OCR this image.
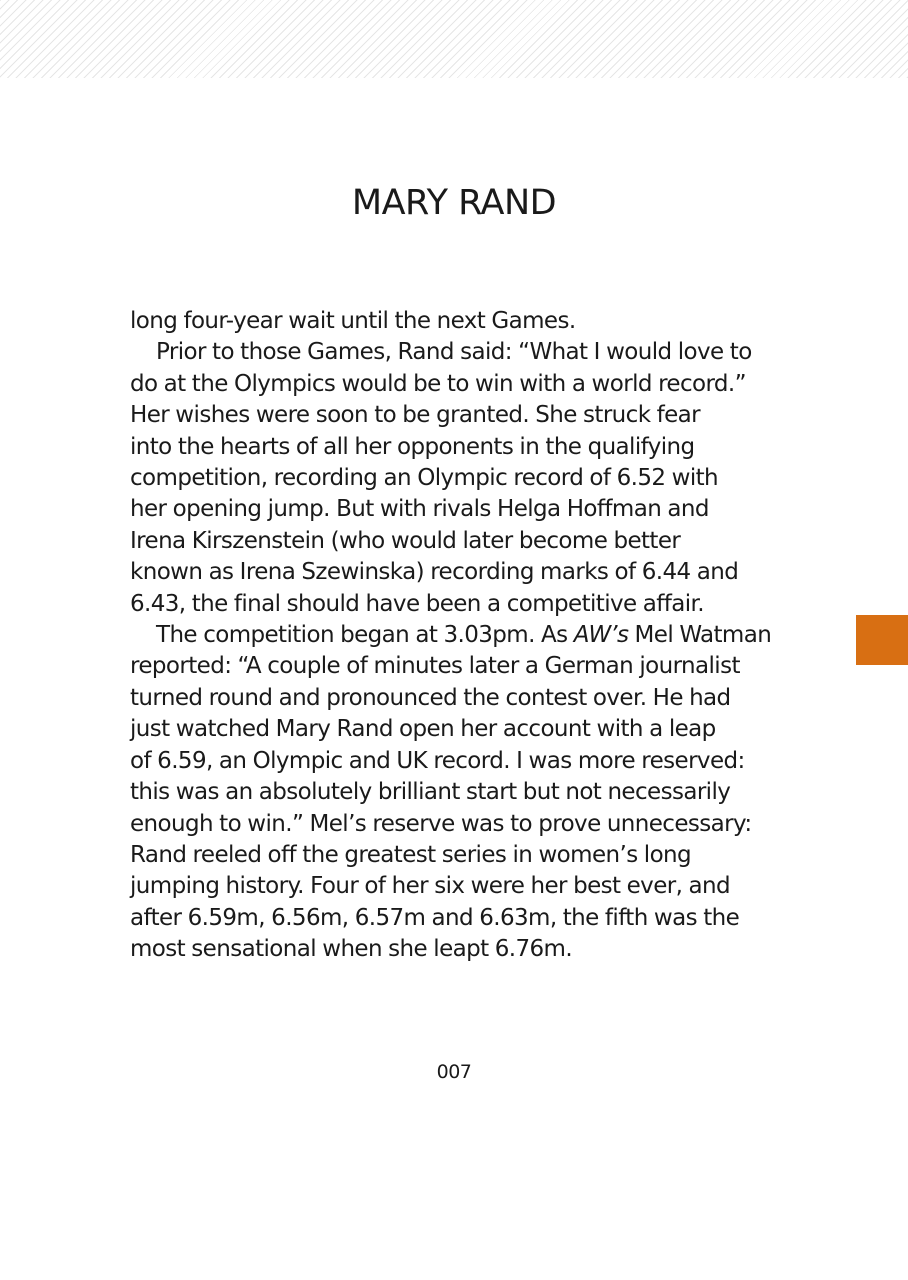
MARY RAND
long four-year wait until the next Games.
Prior to those Games, Rand said: “What I would love to
do at the Olympics would be to win with a world record.”
Her wishes were soon to be granted. She struck fear
into the hearts of all her opponents in the qualifying
competition, recording an Olympic record of 6.52 with
her opening jump. But with rivals Helga Hoffman and
Irena Kirszenstein (who would later become better
known as Irena Szewinska) recording marks of 6.44 and
6.43, the final should have been a competitive affair.
The competition began at 3.03pm. As AW’s Mel Watman
reported: “A couple of minutes later a German journalist
turned round and pronounced the contest over. He had
just watched Mary Rand open her account with a leap
of 6.59, an Olympic and UK record. I was more reserved:
this was an absolutely brilliant start but not necessarily
enough to win.” Mel’s reserve was to prove unnecessary:
Rand reeled off the greatest series in women’s long
jumping history. Four of her six were her best ever, and
after 6.59m, 6.56m, 6.57m and 6.63m, the fifth was the
most sensational when she leapt 6.76m.
007
